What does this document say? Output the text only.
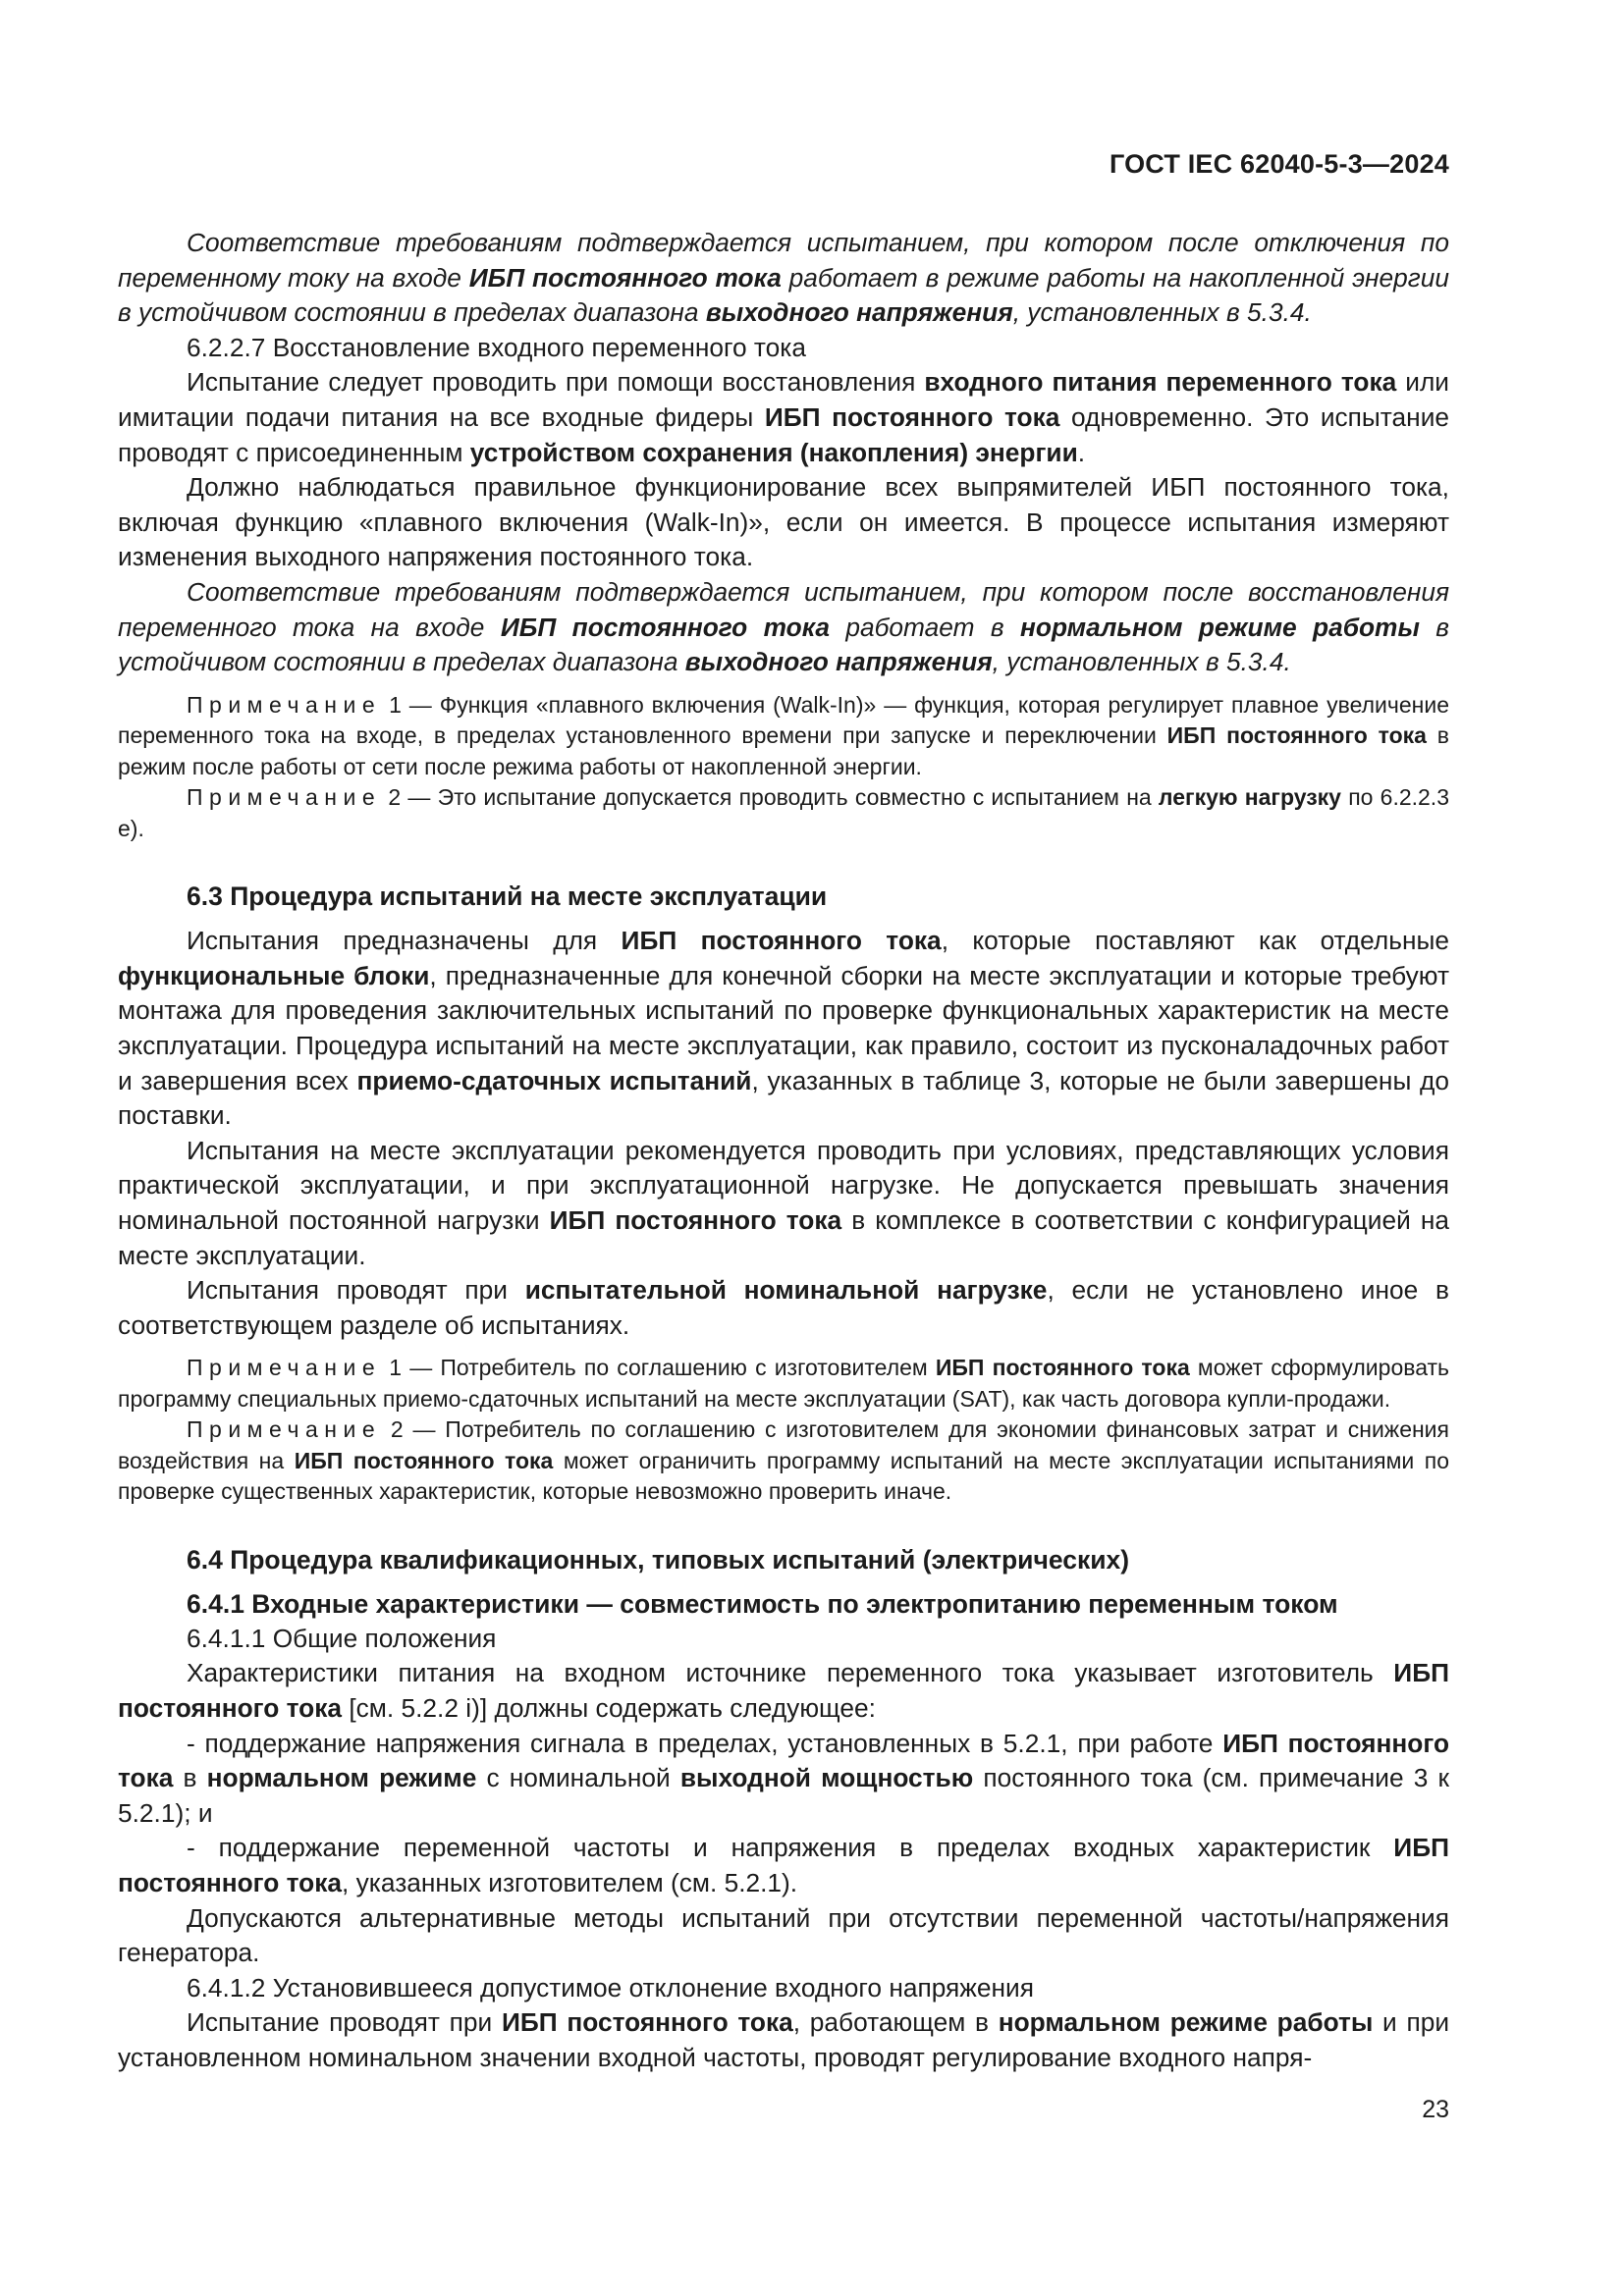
ГОСТ IEC 62040-5-3—2024

Соответствие требованиям подтверждается испытанием, при котором после отключения по переменному току на входе ИБП постоянного тока работает в режиме работы на накопленной энергии в устойчивом состоянии в пределах диапазона выходного напряжения, установленных в 5.3.4.

6.2.2.7 Восстановление входного переменного тока

Испытание следует проводить при помощи восстановления входного питания переменного тока или имитации подачи питания на все входные фидеры ИБП постоянного тока одновременно. Это испытание проводят с присоединенным устройством сохранения (накопления) энергии.

Должно наблюдаться правильное функционирование всех выпрямителей ИБП постоянного тока, включая функцию «плавного включения (Walk-In)», если он имеется. В процессе испытания измеряют изменения выходного напряжения постоянного тока.

Соответствие требованиям подтверждается испытанием, при котором после восстановления переменного тока на входе ИБП постоянного тока работает в нормальном режиме работы в устойчивом состоянии в пределах диапазона выходного напряжения, установленных в 5.3.4.

Примечание 1 — Функция «плавного включения (Walk-In)» — функция, которая регулирует плавное увеличение переменного тока на входе, в пределах установленного времени при запуске и переключении ИБП постоянного тока в режим после работы от сети после режима работы от накопленной энергии.

Примечание 2 — Это испытание допускается проводить совместно с испытанием на легкую нагрузку по 6.2.2.3 е).

6.3 Процедура испытаний на месте эксплуатации

Испытания предназначены для ИБП постоянного тока, которые поставляют как отдельные функциональные блоки, предназначенные для конечной сборки на месте эксплуатации и которые требуют монтажа для проведения заключительных испытаний по проверке функциональных характеристик на месте эксплуатации. Процедура испытаний на месте эксплуатации, как правило, состоит из пусконаладочных работ и завершения всех приемо-сдаточных испытаний, указанных в таблице 3, которые не были завершены до поставки.

Испытания на месте эксплуатации рекомендуется проводить при условиях, представляющих условия практической эксплуатации, и при эксплуатационной нагрузке. Не допускается превышать значения номинальной постоянной нагрузки ИБП постоянного тока в комплексе в соответствии с конфигурацией на месте эксплуатации.

Испытания проводят при испытательной номинальной нагрузке, если не установлено иное в соответствующем разделе об испытаниях.

Примечание 1 — Потребитель по соглашению с изготовителем ИБП постоянного тока может сформулировать программу специальных приемо-сдаточных испытаний на месте эксплуатации (SAT), как часть договора купли-продажи.

Примечание 2 — Потребитель по соглашению с изготовителем для экономии финансовых затрат и снижения воздействия на ИБП постоянного тока может ограничить программу испытаний на месте эксплуатации испытаниями по проверке существенных характеристик, которые невозможно проверить иначе.

6.4 Процедура квалификационных, типовых испытаний (электрических)
6.4.1 Входные характеристики — совместимость по электропитанию переменным током

6.4.1.1 Общие положения

Характеристики питания на входном источнике переменного тока указывает изготовитель ИБП постоянного тока [см. 5.2.2 i)] должны содержать следующее:

- поддержание напряжения сигнала в пределах, установленных в 5.2.1, при работе ИБП постоянного тока в нормальном режиме с номинальной выходной мощностью постоянного тока (см. примечание 3 к 5.2.1); и

- поддержание переменной частоты и напряжения в пределах входных характеристик ИБП постоянного тока, указанных изготовителем (см. 5.2.1).

Допускаются альтернативные методы испытаний при отсутствии переменной частоты/напряжения генератора.

6.4.1.2 Установившееся допустимое отклонение входного напряжения

Испытание проводят при ИБП постоянного тока, работающем в нормальном режиме работы и при установленном номинальном значении входной частоты, проводят регулирование входного напря-

23
